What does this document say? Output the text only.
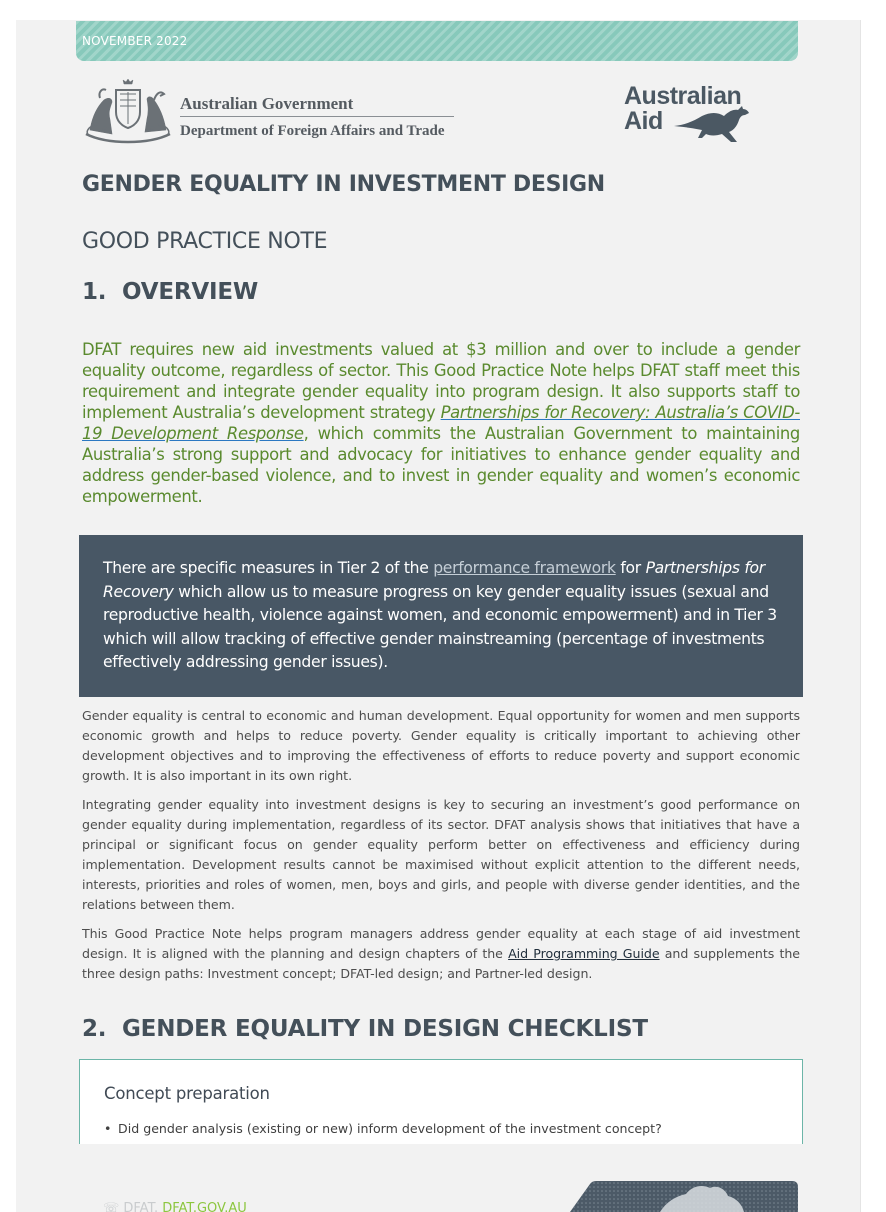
NOVEMBER 2022
Australian Government
Department of Foreign Affairs and Trade
Australian
Aid
GENDER EQUALITY IN INVESTMENT DESIGN
GOOD PRACTICE NOTE
1. OVERVIEW
DFAT requires new aid investments valued at $3 million and over to include a gender equality outcome, regardless of sector. This Good Practice Note helps DFAT staff meet this requirement and integrate gender equality into program design. It also supports staff to implement Australia’s development strategy Partnerships for Recovery: Australia’s COVID-19 Development Response, which commits the Australian Government to maintaining Australia’s strong support and advocacy for initiatives to enhance gender equality and address gender-based violence, and to invest in gender equality and women’s economic empowerment.
There are specific measures in Tier 2 of the performance framework for Partnerships for Recovery which allow us to measure progress on key gender equality issues (sexual and reproductive health, violence against women, and economic empowerment) and in Tier 3 which will allow tracking of effective gender mainstreaming (percentage of investments effectively addressing gender issues).
Gender equality is central to economic and human development. Equal opportunity for women and men supports economic growth and helps to reduce poverty. Gender equality is critically important to achieving other development objectives and to improving the effectiveness of efforts to reduce poverty and support economic growth. It is also important in its own right.
Integrating gender equality into investment designs is key to securing an investment’s good performance on gender equality during implementation, regardless of its sector. DFAT analysis shows that initiatives that have a principal or significant focus on gender equality perform better on effectiveness and efficiency during implementation. Development results cannot be maximised without explicit attention to the different needs, interests, priorities and roles of women, men, boys and girls, and people with diverse gender identities, and the relations between them.
This Good Practice Note helps program managers address gender equality at each stage of aid investment design. It is aligned with the planning and design chapters of the Aid Programming Guide and supplements the three design paths: Investment concept; DFAT-led design; and Partner-led design.
2. GENDER EQUALITY IN DESIGN CHECKLIST
Concept preparation
• Did gender analysis (existing or new) inform development of the investment concept?
☏ DFAT. DFAT.GOV.AU
